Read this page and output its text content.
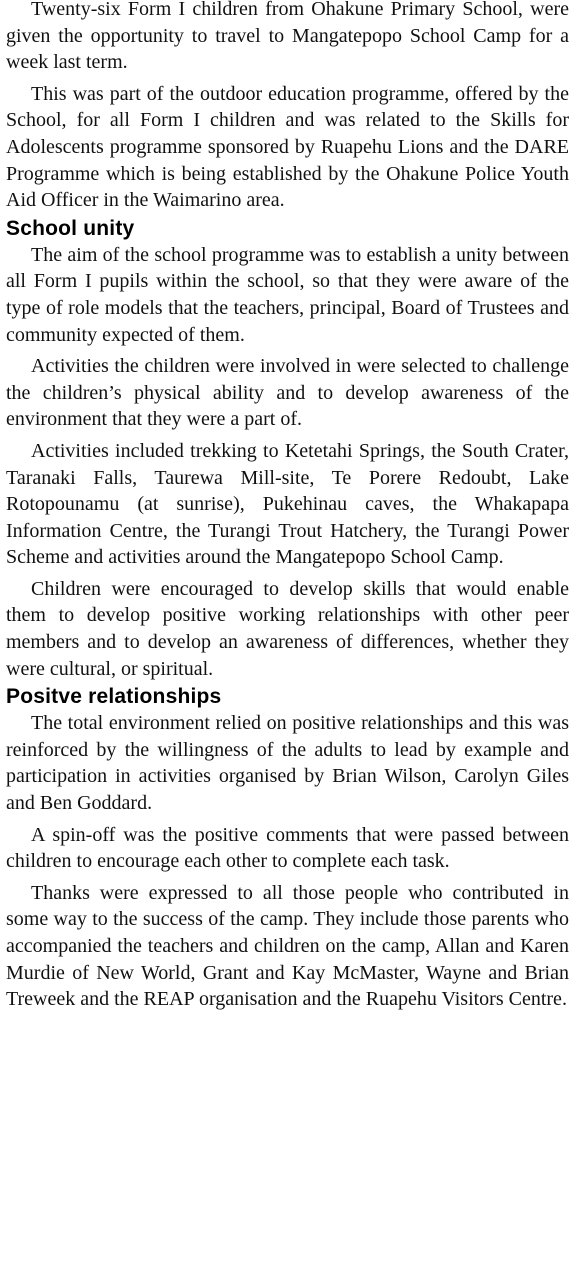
Twenty-six Form I children from Ohakune Primary School, were given the opportunity to travel to Mangatepopo School Camp for a week last term.

This was part of the outdoor education programme, offered by the School, for all Form I children and was related to the Skills for Adolescents programme sponsored by Ruapehu Lions and the DARE Programme which is being established by the Ohakune Police Youth Aid Officer in the Waimarino area.

School unity

The aim of the school programme was to establish a unity between all Form I pupils within the school, so that they were aware of the type of role models that the teachers, principal, Board of Trustees and community expected of them.

Activities the children were involved in were selected to challenge the children’s physical ability and to develop awareness of the environment that they were a part of.

Activities included trekking to Ketetahi Springs, the South Crater, Taranaki Falls, Taurewa Mill-site, Te Porere Redoubt, Lake Rotopounamu (at sunrise), Pukehinau caves, the Whakapapa Information Centre, the Turangi Trout Hatchery, the Turangi Power Scheme and activities around the Mangatepopo School Camp.

Children were encouraged to develop skills that would enable them to develop positive working relationships with other peer members and to develop an awareness of differences, whether they were cultural, or spiritual.

Positve relationships

The total environment relied on positive relationships and this was reinforced by the willingness of the adults to lead by example and participation in activities organised by Brian Wilson, Carolyn Giles and Ben Goddard.

A spin-off was the positive comments that were passed between children to encourage each other to complete each task.

Thanks were expressed to all those people who contributed in some way to the success of the camp. They include those parents who accompanied the teachers and children on the camp, Allan and Karen Murdie of New World, Grant and Kay McMaster, Wayne and Brian Treweek and the REAP organisation and the Ruapehu Visitors Centre.
